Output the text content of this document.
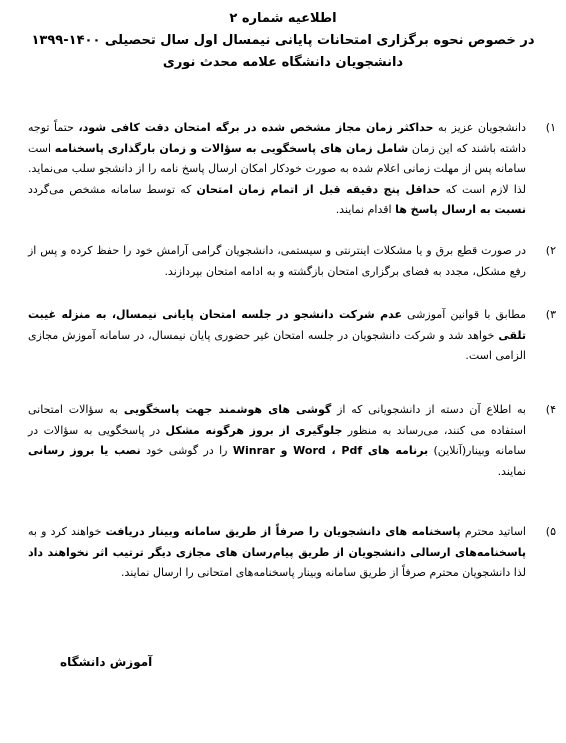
اطلاعیه شماره ۲
در خصوص نحوه برگزاری امتحانات پایانی نیمسال اول سال تحصیلی ۱۴۰۰-۱۳۹۹
دانشجویان دانشگاه علامه محدث نوری
۱)
دانشجویان عزیز به حداکثر زمان مجاز مشخص شده در برگه امتحان دقت کافی شود، حتماً توجه داشته باشند که این زمان شامل زمان های پاسخگویی به سؤالات و زمان بارگذاری پاسخنامه است سامانه پس از مهلت زمانی اعلام شده به صورت خودکار امکان ارسال پاسخ نامه را از دانشجو سلب می‌نماید. لذا لازم است که حداقل پنج دقیقه قبل از اتمام زمان امتحان که توسط سامانه مشخص می‌گردد نسبت به ارسال پاسخ ها اقدام نمایند.
۲)
در صورت قطع برق و یا مشکلات اینترنتی و سیستمی، دانشجویان گرامی آرامش خود را حفظ کرده و پس از رفع مشکل، مجدد به فضای برگزاری امتحان بازگشته و به ادامه امتحان بپردازند.
۳)
مطابق با قوانین آموزشی عدم شرکت دانشجو در جلسه امتحان پایانی نیمسال، به منزله غیبت تلقی خواهد شد و شرکت دانشجویان در جلسه امتحان غیر حضوری پایان نیمسال، در سامانه آموزش مجازی الزامی است.
۴)
به اطلاع آن دسته از دانشجویانی که از گوشی های هوشمند جهت پاسخگویی به سؤالات امتحانی استفاده می کنند، می‌رساند به منظور جلوگیری از بروز هرگونه مشکل در پاسخگویی به سؤالات در سامانه وبینار(آنلاین) برنامه های Word ، Pdf و Winrar را در گوشی خود نصب یا بروز رسانی نمایند.
۵)
اساتید محترم پاسخنامه های دانشجویان را صرفاً از طریق سامانه وبینار دریافت خواهند کرد و به پاسخنامه‌های ارسالی دانشجویان از طریق پیام‌رسان های مجازی دیگر ترتیب اثر نخواهند داد لذا دانشجویان محترم صرفاً از طریق سامانه وبینار پاسخنامه‌های امتحانی را ارسال نمایند.
آموزش دانشگاه
